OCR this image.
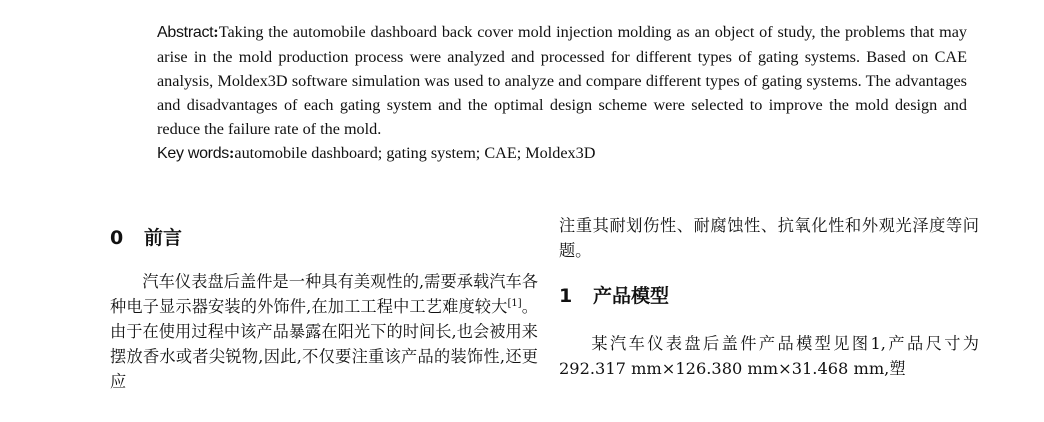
Abstract:Taking the automobile dashboard back cover mold injection molding as an object of study, the problems that may arise in the mold production process were analyzed and processed for different types of gating systems. Based on CAE analysis, Moldex3D software simulation was used to analyze and compare different types of gating systems. The advantages and disadvantages of each gating system and the optimal design scheme were selected to improve the mold design and reduce the failure rate of the mold.
Key words:automobile dashboard; gating system; CAE; Moldex3D
0 前言

汽车仪表盘后盖件是一种具有美观性的,需要承载汽车各种电子显示器安装的外饰件,在加工工程中工艺难度较大[1]。由于在使用过程中该产品暴露在阳光下的时间长,也会被用来摆放香水或者尖锐物,因此,不仅要注重该产品的装饰性,还更应

注重其耐划伤性、耐腐蚀性、抗氧化性和外观光泽度等问题。

1 产品模型

某汽车仪表盘后盖件产品模型见图1,产品尺寸为292.317 mm×126.380 mm×31.468 mm,塑
